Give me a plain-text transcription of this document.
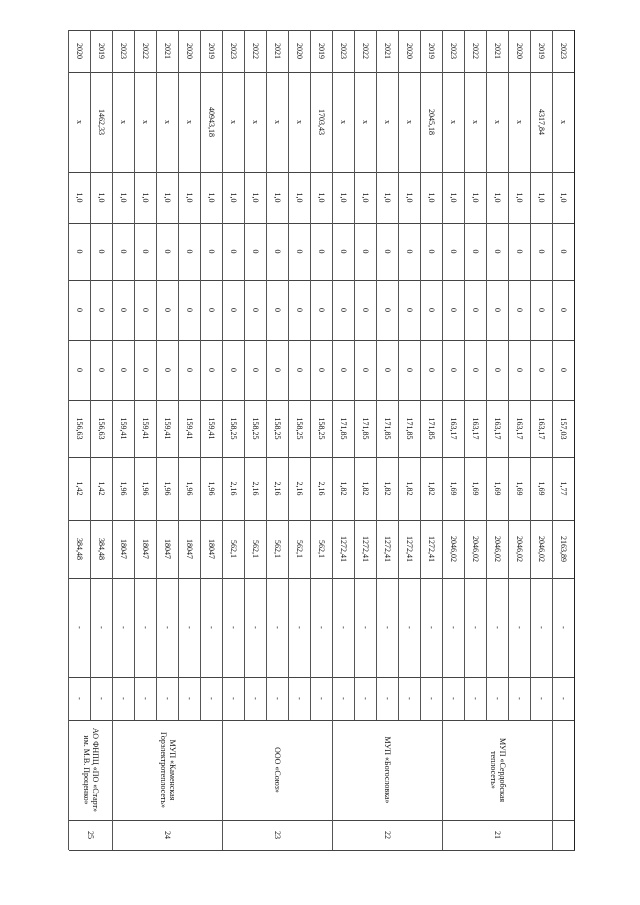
2023
x
1,0
0
0
0
157,03
1,77
2163,89
-
-
2019
4317,84
1,0
0
0
0
163,17
1,69
2046,02
-
-
2020
x
1,0
0
0
0
163,17
1,69
2046,02
-
-
2021
x
1,0
0
0
0
163,17
1,69
2046,02
-
-
2022
x
1,0
0
0
0
163,17
1,69
2046,02
-
-
2023
x
1,0
0
0
0
163,17
1,69
2046,02
-
-
МУП «Сердобская теплосеть»
21
2019
2045,18
1,0
0
0
0
171,85
1,82
1272,41
-
-
2020
x
1,0
0
0
0
171,85
1,82
1272,41
-
-
2021
x
1,0
0
0
0
171,85
1,82
1272,41
-
-
2022
x
1,0
0
0
0
171,85
1,82
1272,41
-
-
2023
x
1,0
0
0
0
171,85
1,82
1272,41
-
-
МУП «Богословка»
22
2019
1703,43
1,0
0
0
0
158,25
2,16
562,1
-
-
2020
x
1,0
0
0
0
158,25
2,16
562,1
-
-
2021
x
1,0
0
0
0
158,25
2,16
562,1
-
-
2022
x
1,0
0
0
0
158,25
2,16
562,1
-
-
2023
x
1,0
0
0
0
158,25
2,16
562,1
-
-
ООО «Союз»
23
2019
40943,18
1,0
0
0
0
159,41
1,96
18047
-
-
2020
x
1,0
0
0
0
159,41
1,96
18047
-
-
2021
x
1,0
0
0
0
159,41
1,96
18047
-
-
2022
x
1,0
0
0
0
159,41
1,96
18047
-
-
2023
x
1,0
0
0
0
159,41
1,96
18047
-
-
МУП «Каменская Горэлектротеплосеть»
24
2019
1462,33
1,0
0
0
0
156,63
1,42
384,48
-
-
2020
x
1,0
0
0
0
156,63
1,42
384,48
-
-
АО ФНПЦ «ПО «Старт» им. М.В. Проценко»
25
